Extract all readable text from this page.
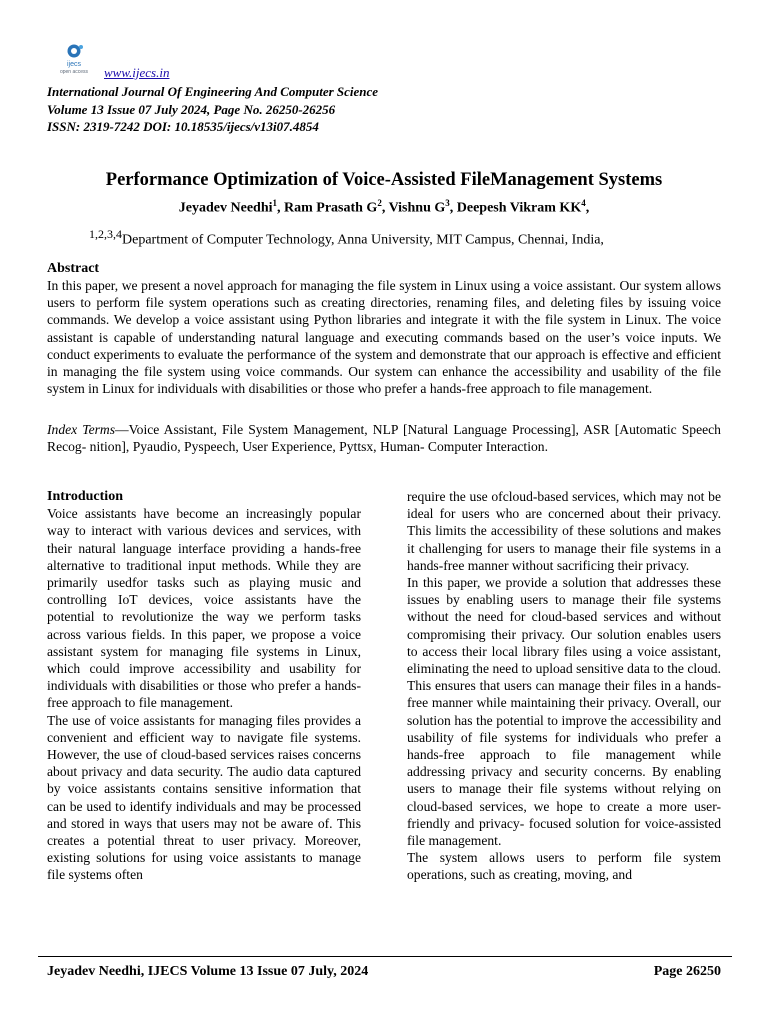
ijecs
open access www.ijecs.in
International Journal Of Engineering And Computer Science
Volume 13 Issue 07 July 2024, Page No. 26250-26256
ISSN: 2319-7242 DOI: 10.18535/ijecs/v13i07.4854
Performance Optimization of Voice-Assisted FileManagement Systems
Jeyadev Needhi$^1$, Ram Prasath $G^2$, Vishnu $G^3$, Deepesh Vikram $KK^4$,
$^{1,2,3,4}$Department of Computer Technology, Anna University, MIT Campus, Chennai, India,
Abstract
In this paper, we present a novel approach for managing the file system in Linux using a voice assistant. Our system allows users to perform file system operations such as creating directories, renaming files, and deleting files by issuing voice commands. We develop a voice assistant using Python libraries and integrate it with the file system in Linux. The voice assistant is capable of understanding natural language and executing commands based on the user’s voice inputs. We conduct experiments to evaluate the performance of the system and demonstrate that our approach is effective and efficient in managing the file system using voice commands. Our system can enhance the accessibility and usability of the file system in Linux for individuals with disabilities or those who prefer a hands-free approach to file management.
Index Terms—Voice Assistant, File System Management, NLP [Natural Language Processing], ASR [Automatic Speech Recog- nition], Pyaudio, Pyspeech, User Experience, Pyttsx, Human- Computer Interaction.
Introduction

Voice assistants have become an increasingly popular way to interact with various devices and services, with their natural language interface providing a hands-free alternative to traditional input methods. While they are primarily usedfor tasks such as playing music and controlling IoT devices, voice assistants have the potential to revolutionize the way we perform tasks across various fields. In this paper, we propose a voice assistant system for managing file systems in Linux, which could improve accessibility and usability for individuals with disabilities or those who prefer a hands-free approach to file management.

The use of voice assistants for managing files provides a convenient and efficient way to navigate file systems. However, the use of cloud-based services raises concerns about privacy and data security. The audio data captured by voice assistants contains sensitive information that can be used to identify individuals and may be processed and stored in ways that users may not be aware of. This creates a potential threat to user privacy. Moreover, existing solutions for using voice assistants to manage file systems often

require the use ofcloud-based services, which may not be ideal for users who are concerned about their privacy. This limits the accessibility of these solutions and makes it challenging for users to manage their file systems in a hands-free manner without sacrificing their privacy.

In this paper, we provide a solution that addresses these issues by enabling users to manage their file systems without the need for cloud-based services and without compromising their privacy. Our solution enables users to access their local library files using a voice assistant, eliminating the need to upload sensitive data to the cloud. This ensures that users can manage their files in a hands-free manner while maintaining their privacy. Overall, our solution has the potential to improve the accessibility and usability of file systems for individuals who prefer a hands-free approach to file management while addressing privacy and security concerns. By enabling users to manage their file systems without relying on cloud-based services, we hope to create a more user-friendly and privacy- focused solution for voice-assisted file management.

The system allows users to perform file system operations, such as creating, moving, and

Jeyadev Needhi, IJECS Volume 13 Issue 07 July, 2024	Page 26250
